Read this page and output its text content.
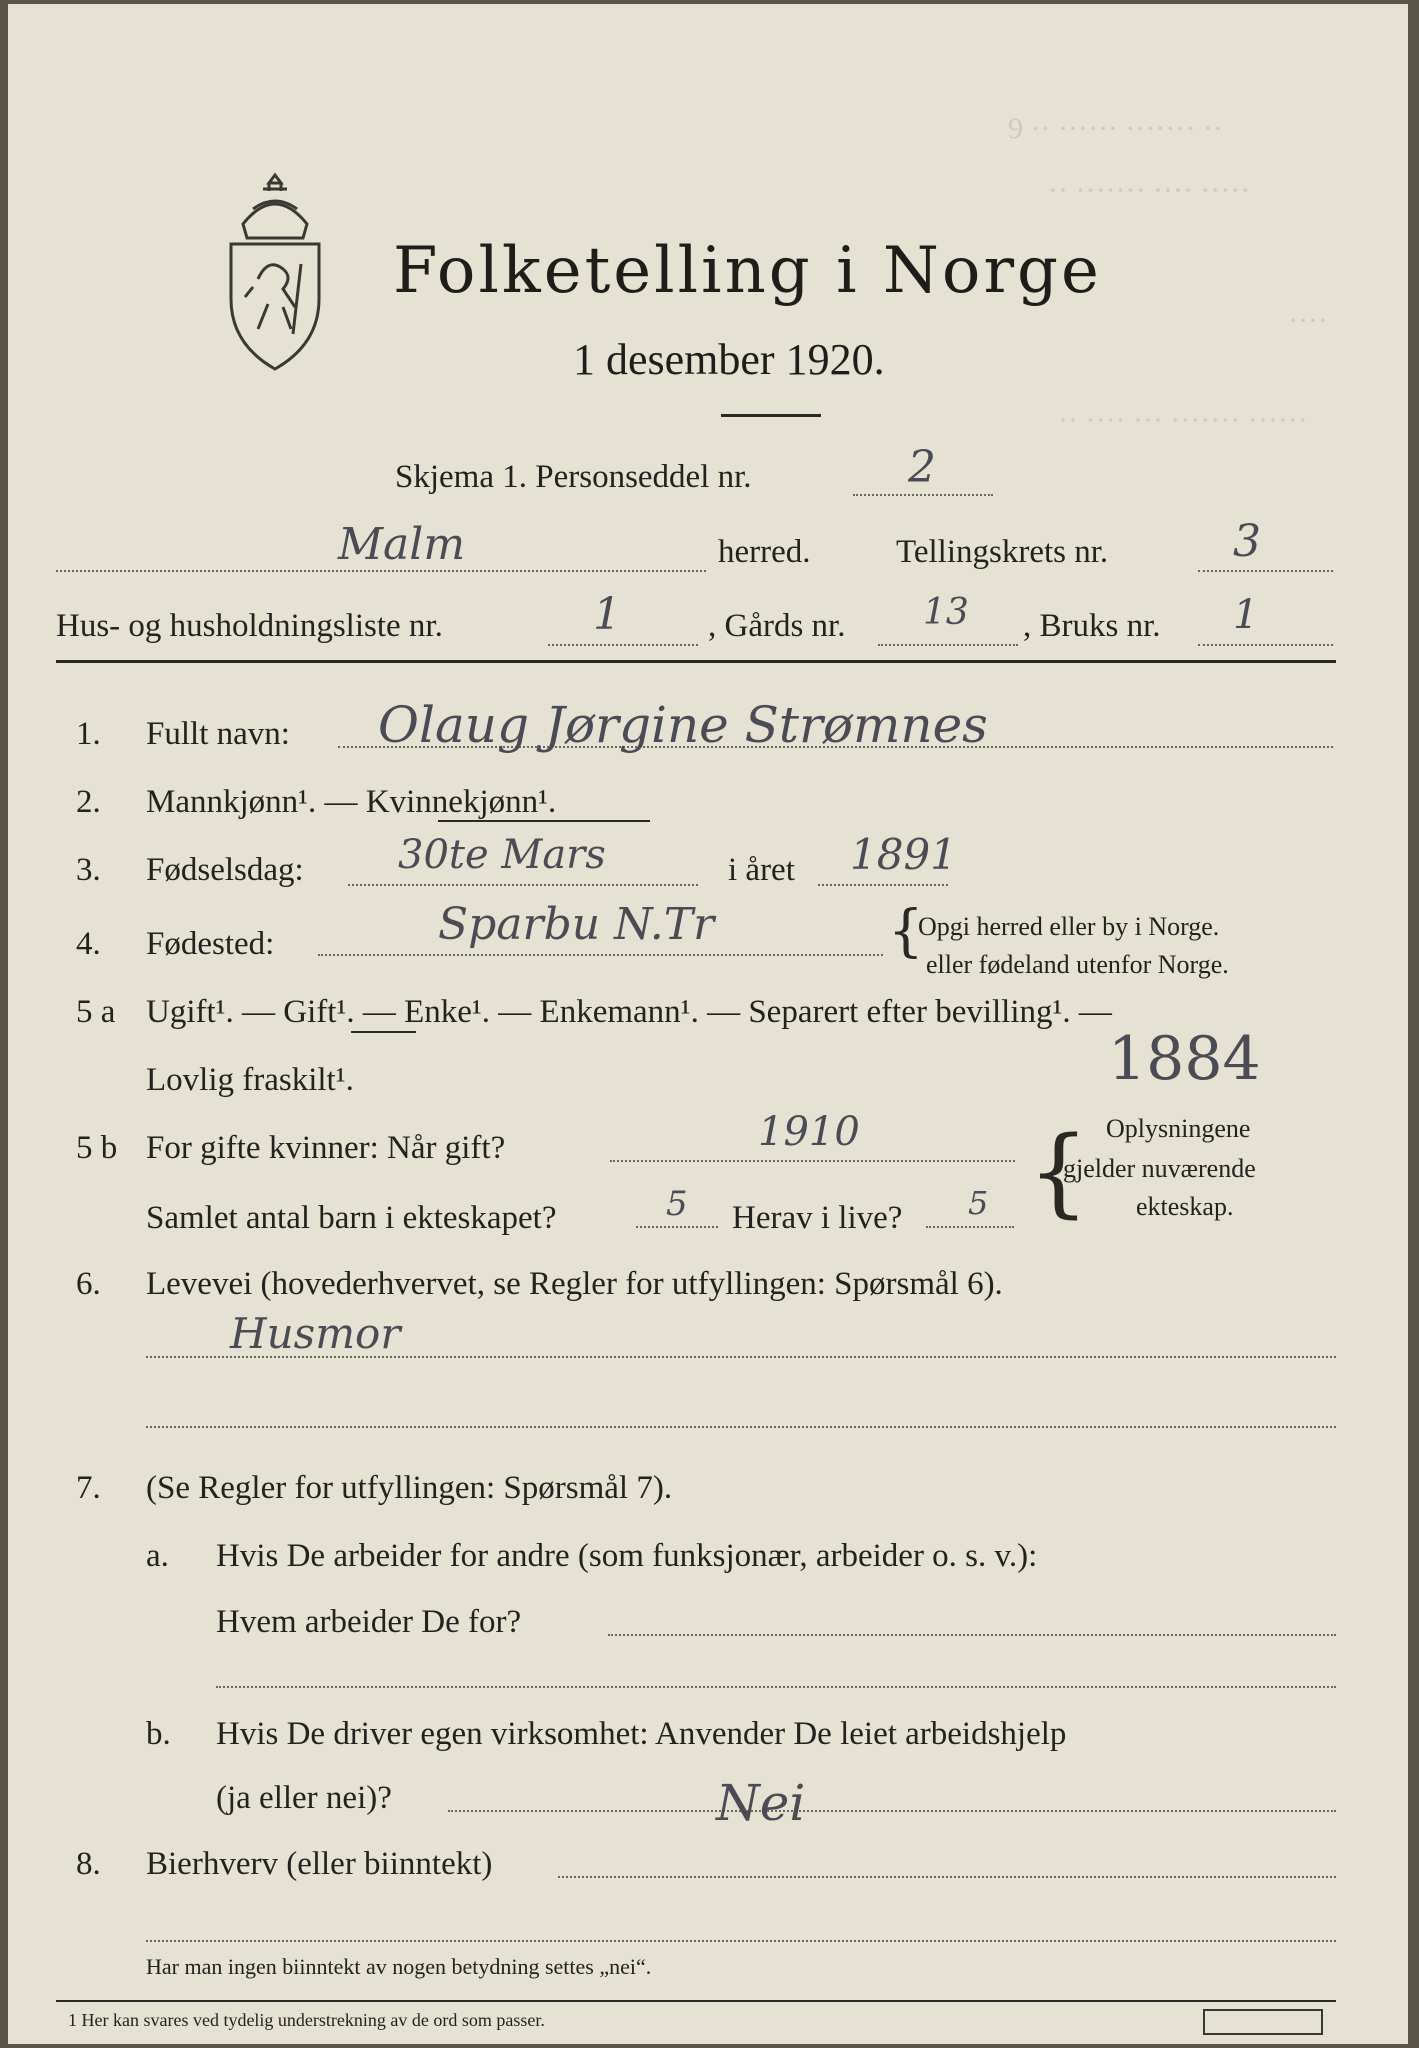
9 ·· ······ ······· ··
·· ······· ···· ·····
····
·· ···· ··· ······· ······
Folketelling i Norge
1 desember 1920.
Skjema 1. Personseddel nr.	2
Malm	herred.	Tellingskrets nr.	3
Hus- og husholdningsliste nr.	1	, Gårds nr. 13 , Bruks nr. 1
1. Fullt navn: Olaug Jørgine Strømnes
2. Mannkjønn¹. — Kvinnekjønn¹.
3. Fødselsdag: 30te Mars	i året 1891
4. Fødested:	Sparbu N.Tr	{
Opgi herred eller by i Norge.
eller fødeland utenfor Norge.
5 a Ugift¹. — Gift¹. — Enke¹. — Enkemann¹. — Separert efter bevilling¹. —
Lovlig fraskilt¹.	1884
5 b For gifte kvinner: Når gift?	1910
Samlet antal barn i ekteskapet?	5 Herav i live? 5 { Oplysningene
gjelder nuværende
ekteskap.
6. Levevei (hovederhvervet, se Regler for utfyllingen: Spørsmål 6).
Husmor
7. (Se Regler for utfyllingen: Spørsmål 7).
a. Hvis De arbeider for andre (som funksjonær, arbeider o. s. v.):
Hvem arbeider De for?
b. Hvis De driver egen virksomhet: Anvender De leiet arbeidshjelp
(ja eller nei)?	Nei
8. Bierhverv (eller biinntekt)
Har man ingen biinntekt av nogen betydning settes „nei“.
1 Her kan svares ved tydelig understrekning av de ord som passer.
